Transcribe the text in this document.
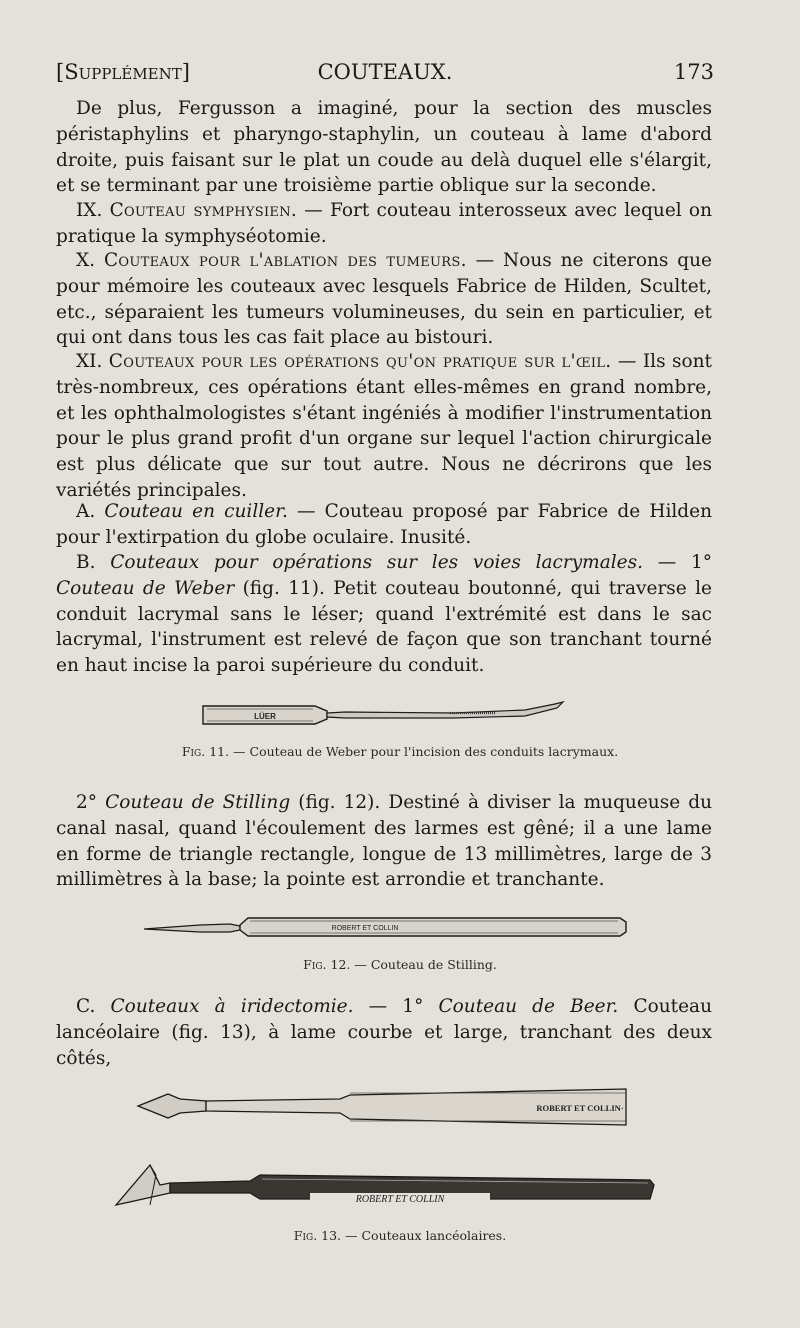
[Supplément]	COUTEAUX.	173

De plus, Fergusson a imaginé, pour la section des muscles péristaphylins et pharyngo-staphylin, un couteau à lame d'abord droite, puis faisant sur le plat un coude au delà duquel elle s'élargit, et se terminant par une troisième partie oblique sur la seconde.

IX. Couteau symphysien. — Fort couteau interosseux avec lequel on pratique la symphyséotomie.

X. Couteaux pour l'ablation des tumeurs. — Nous ne citerons que pour mémoire les couteaux avec lesquels Fabrice de Hilden, Scultet, etc., séparaient les tumeurs volumineuses, du sein en particulier, et qui ont dans tous les cas fait place au bistouri.

XI. Couteaux pour les opérations qu'on pratique sur l'œil. — Ils sont très-nombreux, ces opérations étant elles-mêmes en grand nombre, et les ophthalmologistes s'étant ingéniés à modifier l'instrumentation pour le plus grand profit d'un organe sur lequel l'action chirurgicale est plus délicate que sur tout autre. Nous ne décrirons que les variétés principales.

A. Couteau en cuiller. — Couteau proposé par Fabrice de Hilden pour l'extirpation du globe oculaire. Inusité.

B. Couteaux pour opérations sur les voies lacrymales. — 1° Couteau de Weber (fig. 11). Petit couteau boutonné, qui traverse le conduit lacrymal sans le léser; quand l'extrémité est dans le sac lacrymal, l'instrument est relevé de façon que son tranchant tourné en haut incise la paroi supérieure du conduit.

LÜER
Fig. 11. — Couteau de Weber pour l'incision des conduits lacrymaux.

2° Couteau de Stilling (fig. 12). Destiné à diviser la muqueuse du canal nasal, quand l'écoulement des larmes est gêné; il a une lame en forme de triangle rectangle, longue de 13 millimètres, large de 3 millimètres à la base; la pointe est arrondie et tranchante.

ROBERT ET COLLIN
Fig. 12. — Couteau de Stilling.

C. Couteaux à iridectomie. — 1° Couteau de Beer. Couteau lancéolaire (fig. 13), à lame courbe et large, tranchant des deux côtés,

ROBERT ET COLLIN·
ROBERT ET COLLIN
Fig. 13. — Couteaux lancéolaires.
